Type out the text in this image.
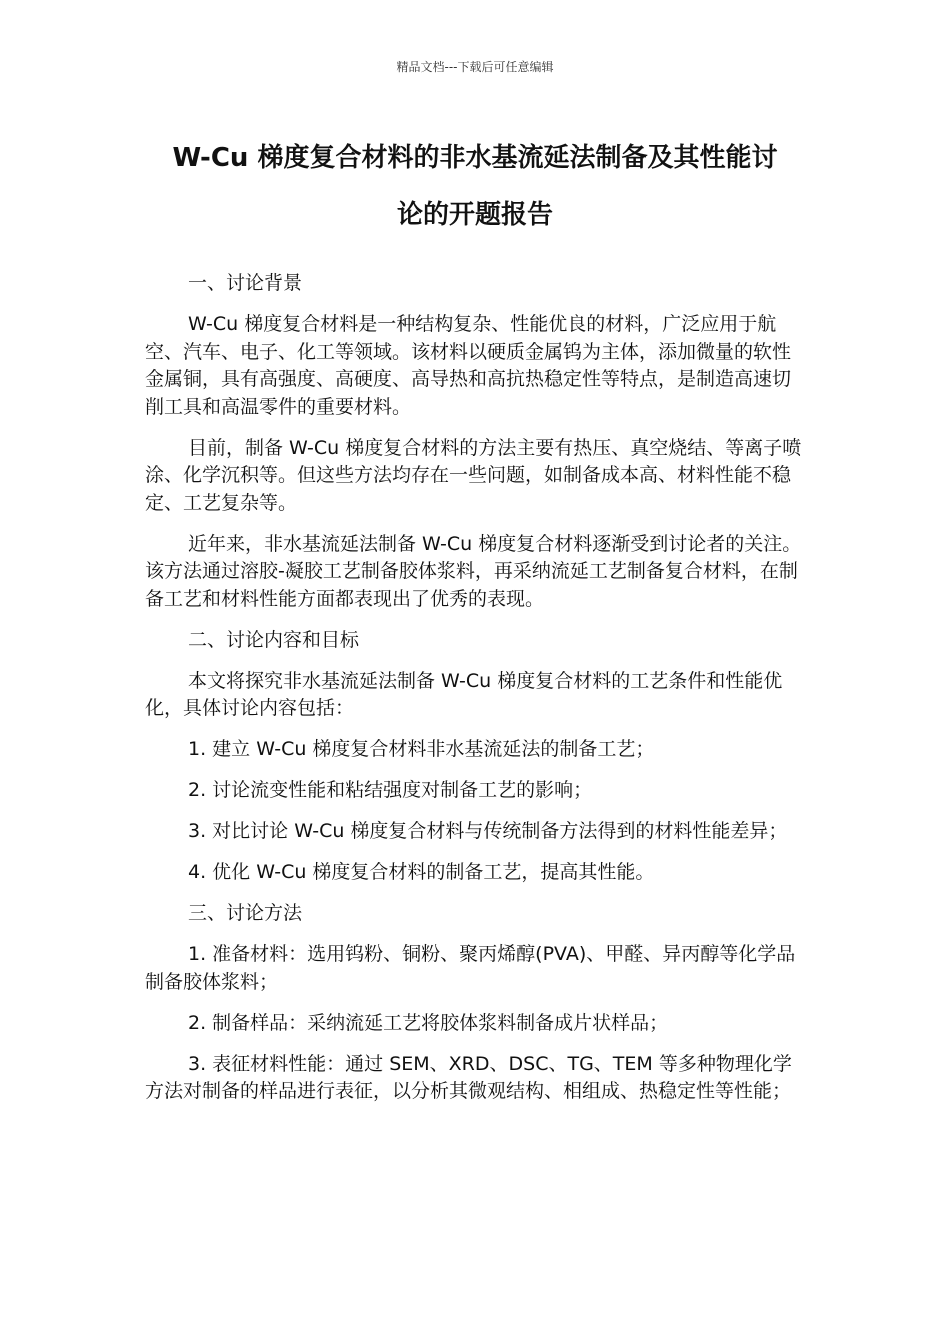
精品文档---下载后可任意编辑
W-Cu 梯度复合材料的非水基流延法制备及其性能讨
论的开题报告

一、讨论背景

W-Cu 梯度复合材料是一种结构复杂、性能优良的材料，广泛应用于航空、汽车、电子、化工等领域。该材料以硬质金属钨为主体，添加微量的软性金属铜，具有高强度、高硬度、高导热和高抗热稳定性等特点，是制造高速切削工具和高温零件的重要材料。

目前，制备 W-Cu 梯度复合材料的方法主要有热压、真空烧结、等离子喷涂、化学沉积等。但这些方法均存在一些问题，如制备成本高、材料性能不稳定、工艺复杂等。

近年来，非水基流延法制备 W-Cu 梯度复合材料逐渐受到讨论者的关注。该方法通过溶胶-凝胶工艺制备胶体浆料，再采纳流延工艺制备复合材料，在制备工艺和材料性能方面都表现出了优秀的表现。

二、讨论内容和目标

本文将探究非水基流延法制备 W-Cu 梯度复合材料的工艺条件和性能优化，具体讨论内容包括：

1. 建立 W-Cu 梯度复合材料非水基流延法的制备工艺；

2. 讨论流变性能和粘结强度对制备工艺的影响；

3. 对比讨论 W-Cu 梯度复合材料与传统制备方法得到的材料性能差异；

4. 优化 W-Cu 梯度复合材料的制备工艺，提高其性能。

三、讨论方法

1. 准备材料：选用钨粉、铜粉、聚丙烯醇(PVA)、甲醛、异丙醇等化学品制备胶体浆料；

2. 制备样品：采纳流延工艺将胶体浆料制备成片状样品；

3. 表征材料性能：通过 SEM、XRD、DSC、TG、TEM 等多种物理化学方法对制备的样品进行表征，以分析其微观结构、相组成、热稳定性等性能；
